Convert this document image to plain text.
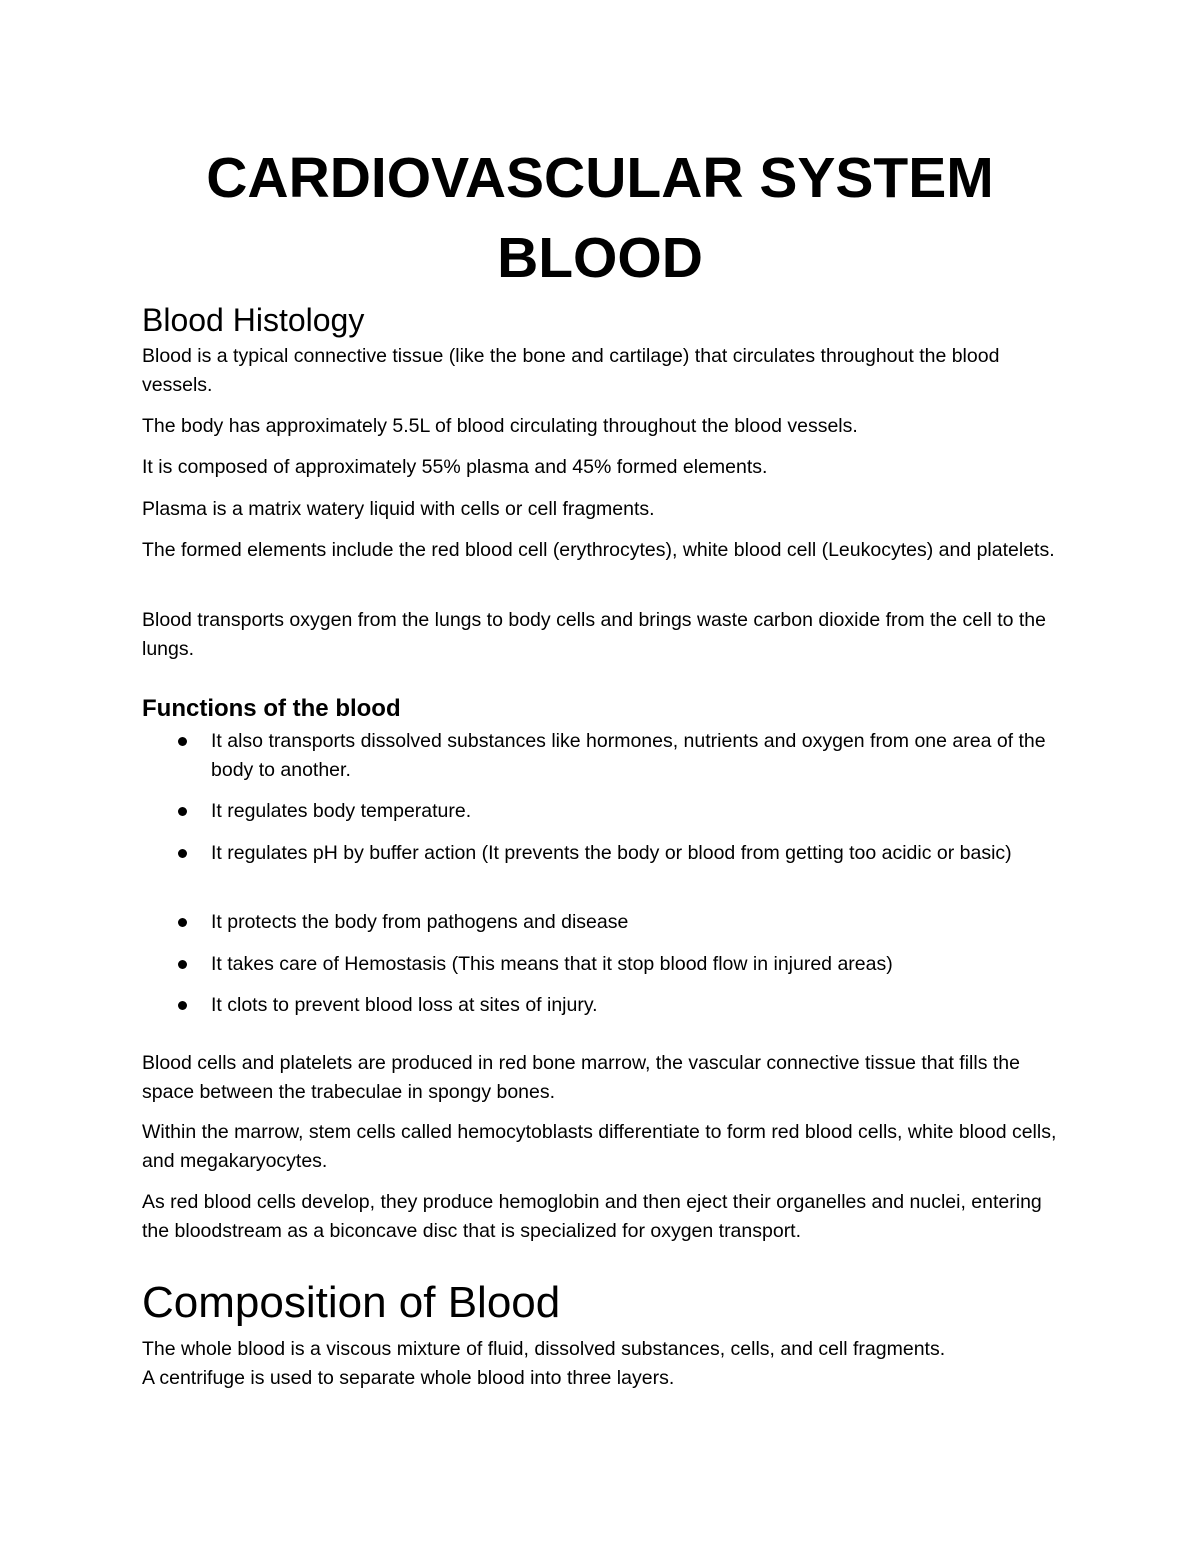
CARDIOVASCULAR SYSTEM
BLOOD
Blood Histology

Blood is a typical connective tissue (like the bone and cartilage) that circulates throughout the blood vessels.

The body has approximately 5.5L of blood circulating throughout the blood vessels.

It is composed of approximately 55% plasma and 45% formed elements.

Plasma is a matrix watery liquid with cells or cell fragments.

The formed elements include the red blood cell (erythrocytes), white blood cell (Leukocytes) and platelets.

Blood transports oxygen from the lungs to body cells and brings waste carbon dioxide from the cell to the lungs.

Functions of the blood
It also transports dissolved substances like hormones, nutrients and oxygen from one area of the body to another.
It regulates body temperature.
It regulates pH by buffer action (It prevents the body or blood from getting too acidic or basic)
It protects the body from pathogens and disease
It takes care of Hemostasis (This means that it stop blood flow in injured areas)
It clots to prevent blood loss at sites of injury.

Blood cells and platelets are produced in red bone marrow, the vascular connective tissue that fills the space between the trabeculae in spongy bones.

Within the marrow, stem cells called hemocytoblasts differentiate to form red blood cells, white blood cells, and megakaryocytes.

As red blood cells develop, they produce hemoglobin and then eject their organelles and nuclei, entering the bloodstream as a biconcave disc that is specialized for oxygen transport.

Composition of Blood

The whole blood is a viscous mixture of fluid, dissolved substances, cells, and cell fragments.

A centrifuge is used to separate whole blood into three layers.
